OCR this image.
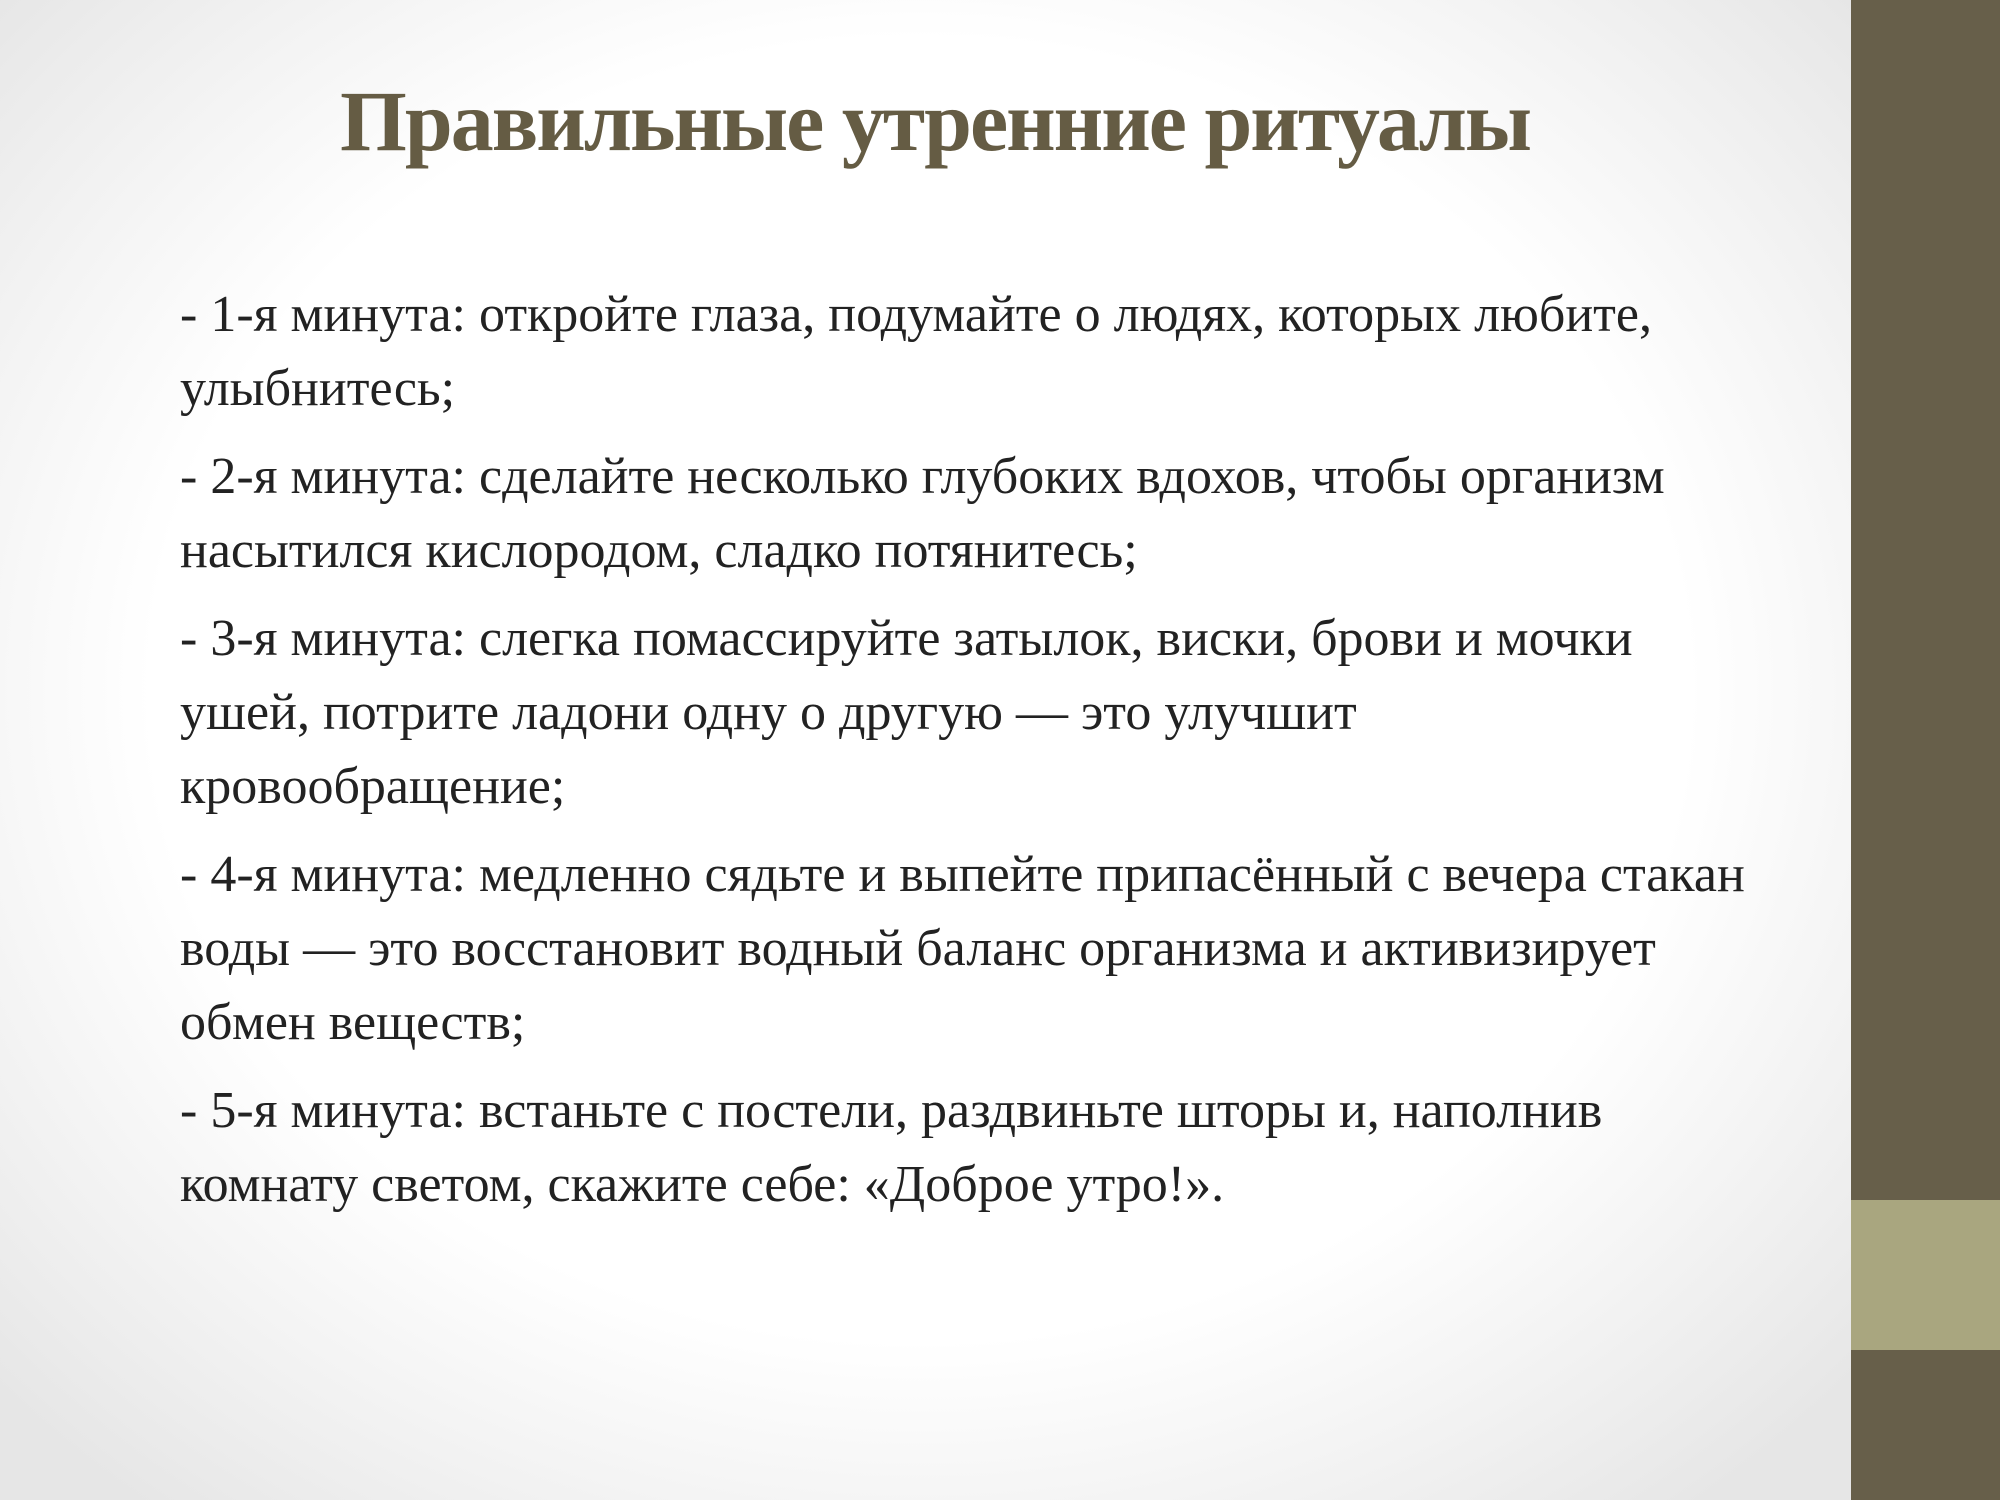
Правильные утренние ритуалы

- 1-я минута: откройте глаза, подумайте о людях, которых любите, улыбнитесь;

- 2-я минута: сделайте несколько глубоких вдохов, чтобы организм насытился кислородом, сладко потянитесь;

- 3-я минута: слегка помассируйте затылок, виски, брови и мочки ушей, потрите ладони одну о другую — это улучшит кровообращение;

- 4-я минута: медленно сядьте и выпейте припасённый с вечера стакан воды — это восстановит водный баланс организма и активизирует обмен веществ;

- 5-я минута: встаньте с постели, раздвиньте шторы и, наполнив комнату светом, скажите себе: «Доброе утро!».
